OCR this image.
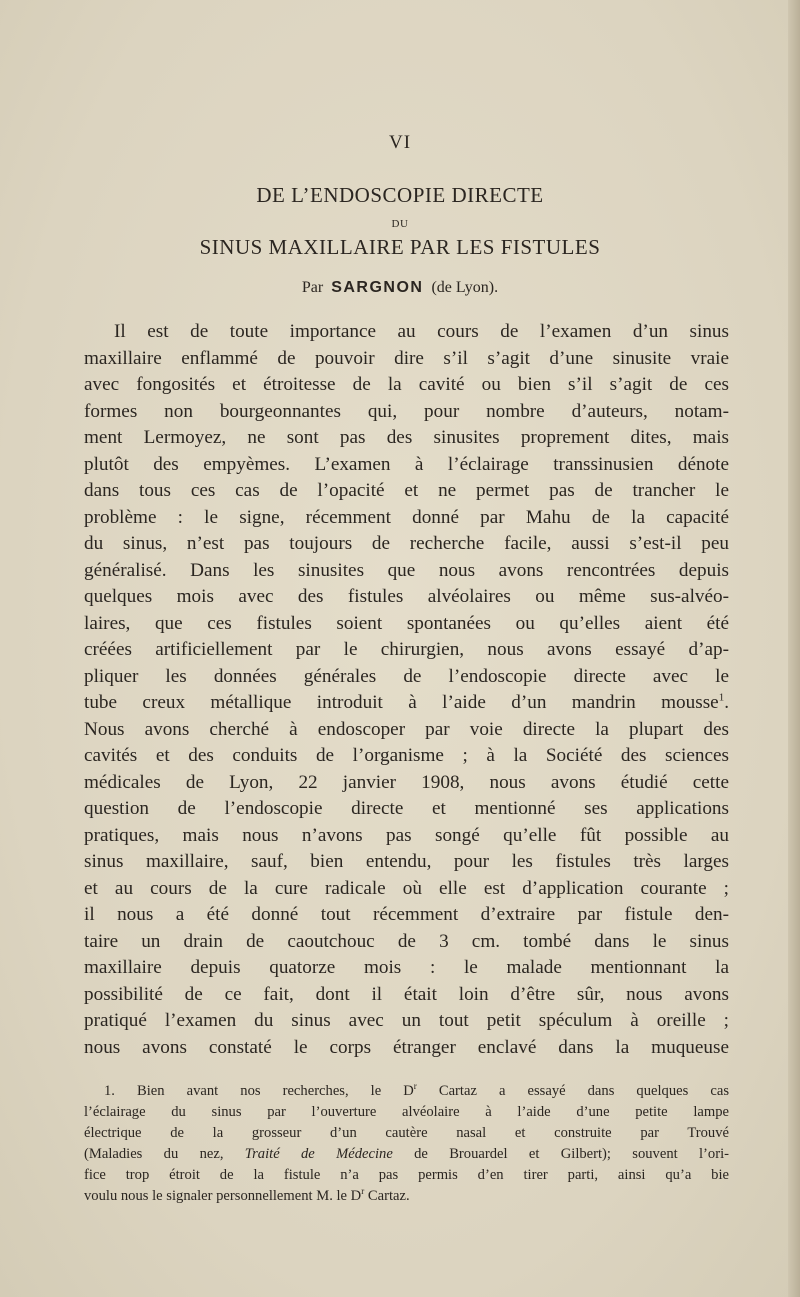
VI
DE L’ENDOSCOPIE DIRECTE
DU
SINUS MAXILLAIRE PAR LES FISTULES
Par SARGNON (de Lyon).
Il est de toute importance au cours de l’examen d’un sinus
maxillaire enflammé de pouvoir dire s’il s’agit d’une sinusite vraie
avec fongosités et étroitesse de la cavité ou bien s’il s’agit de ces
formes non bourgeonnantes qui, pour nombre d’auteurs, notam-
ment Lermoyez, ne sont pas des sinusites proprement dites, mais
plutôt des empyèmes. L’examen à l’éclairage transsinusien dénote
dans tous ces cas de l’opacité et ne permet pas de trancher le
problème : le signe, récemment donné par Mahu de la capacité
du sinus, n’est pas toujours de recherche facile, aussi s’est-il peu
généralisé. Dans les sinusites que nous avons rencontrées depuis
quelques mois avec des fistules alvéolaires ou même sus-alvéo-
laires, que ces fistules soient spontanées ou qu’elles aient été
créées artificiellement par le chirurgien, nous avons essayé d’ap-
pliquer les données générales de l’endoscopie directe avec le
tube creux métallique introduit à l’aide d’un mandrin mousse$^1$.
Nous avons cherché à endoscoper par voie directe la plupart des
cavités et des conduits de l’organisme ; à la Société des sciences
médicales de Lyon, 22 janvier 1908, nous avons étudié cette
question de l’endoscopie directe et mentionné ses applications
pratiques, mais nous n’avons pas songé qu’elle fût possible au
sinus maxillaire, sauf, bien entendu, pour les fistules très larges
et au cours de la cure radicale où elle est d’application courante ;
il nous a été donné tout récemment d’extraire par fistule den-
taire un drain de caoutchouc de 3 cm. tombé dans le sinus
maxillaire depuis quatorze mois : le malade mentionnant la
possibilité de ce fait, dont il était loin d’être sûr, nous avons
pratiqué l’examen du sinus avec un tout petit spéculum à oreille ;
nous avons constaté le corps étranger enclavé dans la muqueuse
1. Bien avant nos recherches, le $D^r$ Cartaz a essayé dans quelques cas
l’éclairage du sinus par l’ouverture alvéolaire à l’aide d’une petite lampe
électrique de la grosseur d’un cautère nasal et construite par Trouvé
(Maladies du nez, Traité de Médecine de Brouardel et Gilbert); souvent l’ori-
fice trop étroit de la fistule n’a pas permis d’en tirer parti, ainsi qu’a bie
voulu nous le signaler personnellement M. le $D^r$ Cartaz.
